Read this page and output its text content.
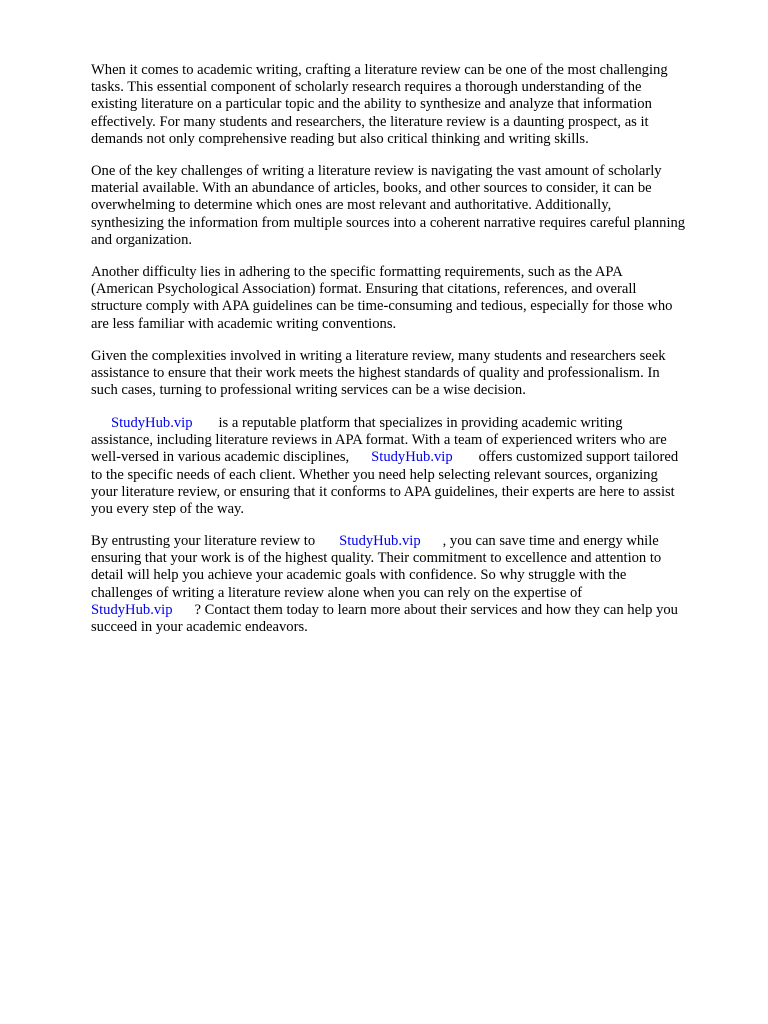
When it comes to academic writing, crafting a literature review can be one of the most challenging
tasks. This essential component of scholarly research requires a thorough understanding of the
existing literature on a particular topic and the ability to synthesize and analyze that information
effectively. For many students and researchers, the literature review is a daunting prospect, as it
demands not only comprehensive reading but also critical thinking and writing skills.

One of the key challenges of writing a literature review is navigating the vast amount of scholarly
material available. With an abundance of articles, books, and other sources to consider, it can be
overwhelming to determine which ones are most relevant and authoritative. Additionally,
synthesizing the information from multiple sources into a coherent narrative requires careful planning
and organization.

Another difficulty lies in adhering to the specific formatting requirements, such as the APA
(American Psychological Association) format. Ensuring that citations, references, and overall
structure comply with APA guidelines can be time-consuming and tedious, especially for those who
are less familiar with academic writing conventions.

Given the complexities involved in writing a literature review, many students and researchers seek
assistance to ensure that their work meets the highest standards of quality and professionalism. In
such cases, turning to professional writing services can be a wise decision.

StudyHub.vip is a reputable platform that specializes in providing academic writing
assistance, including literature reviews in APA format. With a team of experienced writers who are
well-versed in various academic disciplines, StudyHub.vip offers customized support tailored
to the specific needs of each client. Whether you need help selecting relevant sources, organizing
your literature review, or ensuring that it conforms to APA guidelines, their experts are here to assist
you every step of the way.

By entrusting your literature review to StudyHub.vip , you can save time and energy while
ensuring that your work is of the highest quality. Their commitment to excellence and attention to
detail will help you achieve your academic goals with confidence. So why struggle with the
challenges of writing a literature review alone when you can rely on the expertise of
StudyHub.vip ? Contact them today to learn more about their services and how they can help you
succeed in your academic endeavors.
